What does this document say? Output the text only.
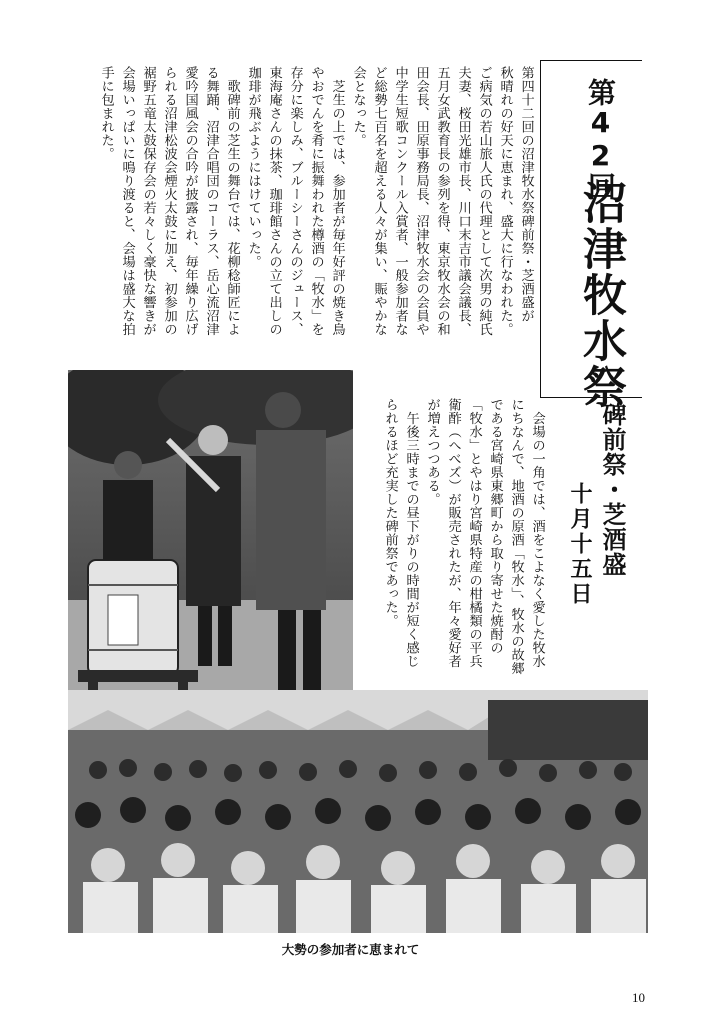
第42回
沼津牧水祭
碑前祭・芝酒盛
十月十五日
第四十二回の沼津牧水祭碑前祭・芝酒盛が
秋晴れの好天に恵まれ、盛大に行なわれた。
ご病気の若山旅人氏の代理として次男の純氏
夫妻、桜田光雄市長、川口末吉市議会議長、
五月女武教育長の参列を得、東京牧水会の和
田会長、田原事務局長、沼津牧水会の会員や
中学生短歌コンクール入賞者、一般参加者な
ど総勢七百名を超える人々が集い、賑やかな
会となった。
　芝生の上では、参加者が毎年好評の焼き鳥
やおでんを肴に振舞われた樽酒の「牧水」を
存分に楽しみ、ブルーシーさんのジュース、
東海庵さんの抹茶、珈琲館さんの立て出しの
珈琲が飛ぶようにはけていった。
　歌碑前の芝生の舞台では、花柳稔師匠によ
る舞踊、沼津合唱団のコーラス、岳心流沼津
愛吟国風会の合吟が披露され、毎年繰り広げ
られる沼津松波会煙火太鼓に加え、初参加の
裾野五竜太鼓保存会の若々しく豪快な響きが
会場いっぱいに鳴り渡ると、会場は盛大な拍
手に包まれた。
　会場の一角では、酒をこよなく愛した牧水
にちなんで、地酒の原酒「牧水」、牧水の故郷
である宮崎県東郷町から取り寄せた焼酎の
「牧水」とやはり宮崎県特産の柑橘類の平兵
衛酢（へべズ）が販売されたが、年々愛好者
が増えつつある。
　午後三時までの昼下がりの時間が短く感じ
られるほど充実した碑前祭であった。
大勢の参加者に恵まれて
10
